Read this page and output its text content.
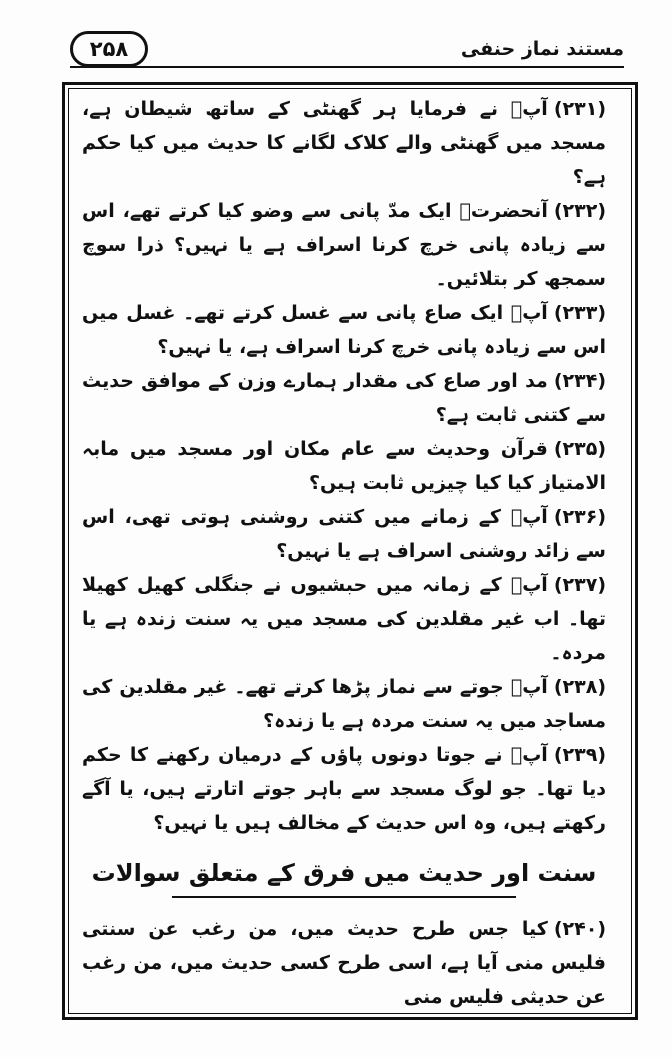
۲۵۸	مستند نماز حنفی

(۲۳۱)آپؐ نے فرمایا ہر گھنٹی کے ساتھ شیطان ہے، مسجد میں گھنٹی والے کلاک لگانے کا حدیث میں کیا حکم ہے؟

(۲۳۲)آنحضرتؐ ایک مدّ پانی سے وضو کیا کرتے تھے، اس سے زیادہ پانی خرچ کرنا اسراف ہے یا نہیں؟ ذرا سوچ سمجھ کر بتلائیں۔

(۲۳۳)آپؐ ایک صاع پانی سے غسل کرتے تھے۔ غسل میں اس سے زیادہ پانی خرچ کرنا اسراف ہے، یا نہیں؟

(۲۳۴)مد اور صاع کی مقدار ہمارے وزن کے موافق حدیث سے کتنی ثابت ہے؟

(۲۳۵)قرآن وحدیث سے عام مکان اور مسجد میں مابہ الامتیاز کیا کیا چیزیں ثابت ہیں؟

(۲۳۶)آپؐ کے زمانے میں کتنی روشنی ہوتی تھی، اس سے زائد روشنی اسراف ہے یا نہیں؟

(۲۳۷)آپؐ کے زمانہ میں حبشیوں نے جنگلی کھیل کھیلا تھا۔ اب غیر مقلدین کی مسجد میں یہ سنت زندہ ہے یا مردہ۔

(۲۳۸)آپؐ جوتے سے نماز پڑھا کرتے تھے۔ غیر مقلدین کی مساجد میں یہ سنت مردہ ہے یا زندہ؟

(۲۳۹)آپؐ نے جوتا دونوں پاؤں کے درمیان رکھنے کا حکم دیا تھا۔ جو لوگ مسجد سے باہر جوتے اتارتے ہیں، یا آگے رکھتے ہیں، وہ اس حدیث کے مخالف ہیں یا نہیں؟

سنت اور حدیث میں فرق کے متعلق سوالات

(۲۴۰)کیا جس طرح حدیث میں، من رغب عن سنتی فلیس منی آیا ہے، اسی طرح کسی حدیث میں، من رغب عن حدیثی فلیس منی
